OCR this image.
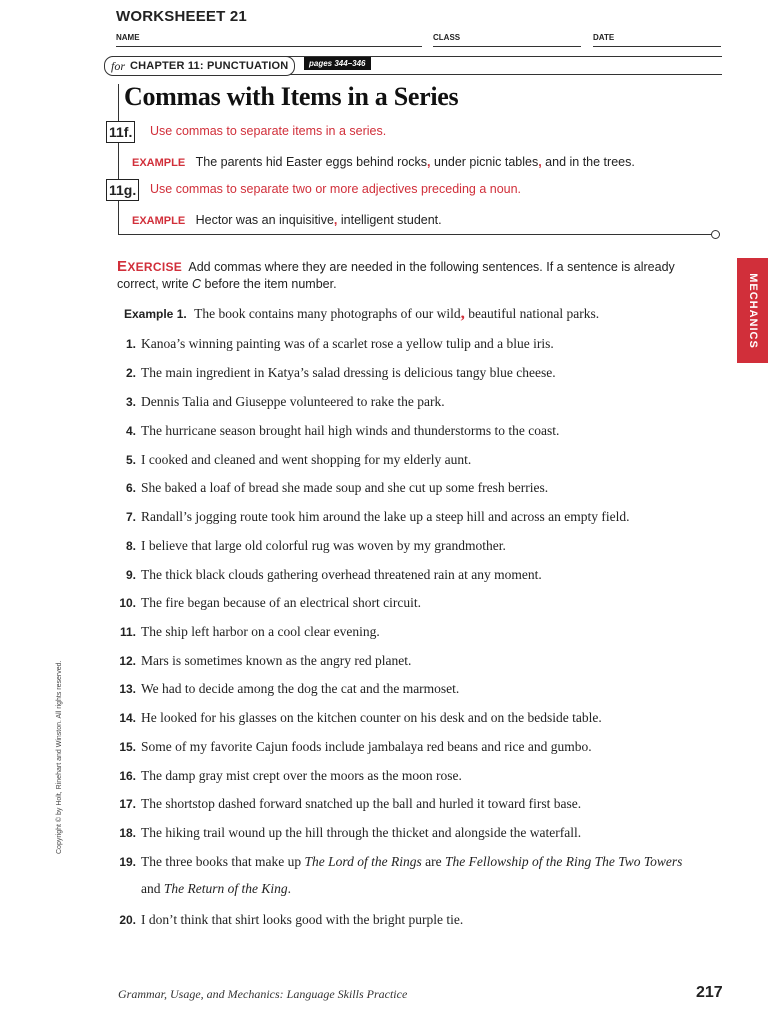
WORKSHEEET 21
NAME	CLASS	DATE
for CHAPTER 11: PUNCTUATION	pages 344–346
Commas with Items in a Series
11f. Use commas to separate items in a series.
EXAMPLE The parents hid Easter eggs behind rocks, under picnic tables, and in the trees.
11g. Use commas to separate two or more adjectives preceding a noun.
EXAMPLE Hector was an inquisitive, intelligent student.
EXERCISE Add commas where they are needed in the following sentences. If a sentence is already correct, write C before the item number.
Example 1. The book contains many photographs of our wild, beautiful national parks.
1. Kanoa’s winning painting was of a scarlet rose a yellow tulip and a blue iris.
2. The main ingredient in Katya’s salad dressing is delicious tangy blue cheese.
3. Dennis Talia and Giuseppe volunteered to rake the park.
4. The hurricane season brought hail high winds and thunderstorms to the coast.
5. I cooked and cleaned and went shopping for my elderly aunt.
6. She baked a loaf of bread she made soup and she cut up some fresh berries.
7. Randall’s jogging route took him around the lake up a steep hill and across an empty field.
8. I believe that large old colorful rug was woven by my grandmother.
9. The thick black clouds gathering overhead threatened rain at any moment.
10. The fire began because of an electrical short circuit.
11. The ship left harbor on a cool clear evening.
12. Mars is sometimes known as the angry red planet.
13. We had to decide among the dog the cat and the marmoset.
14. He looked for his glasses on the kitchen counter on his desk and on the bedside table.
15. Some of my favorite Cajun foods include jambalaya red beans and rice and gumbo.
16. The damp gray mist crept over the moors as the moon rose.
17. The shortstop dashed forward snatched up the ball and hurled it toward first base.
18. The hiking trail wound up the hill through the thicket and alongside the waterfall.
19. The three books that make up The Lord of the Rings are The Fellowship of the Ring The Two Towers
and The Return of the King.
20. I don’t think that shirt looks good with the bright purple tie.
MECHANICS
Copyright © by Holt, Rinehart and Winston. All rights reserved.
Grammar, Usage, and Mechanics: Language Skills Practice	217
